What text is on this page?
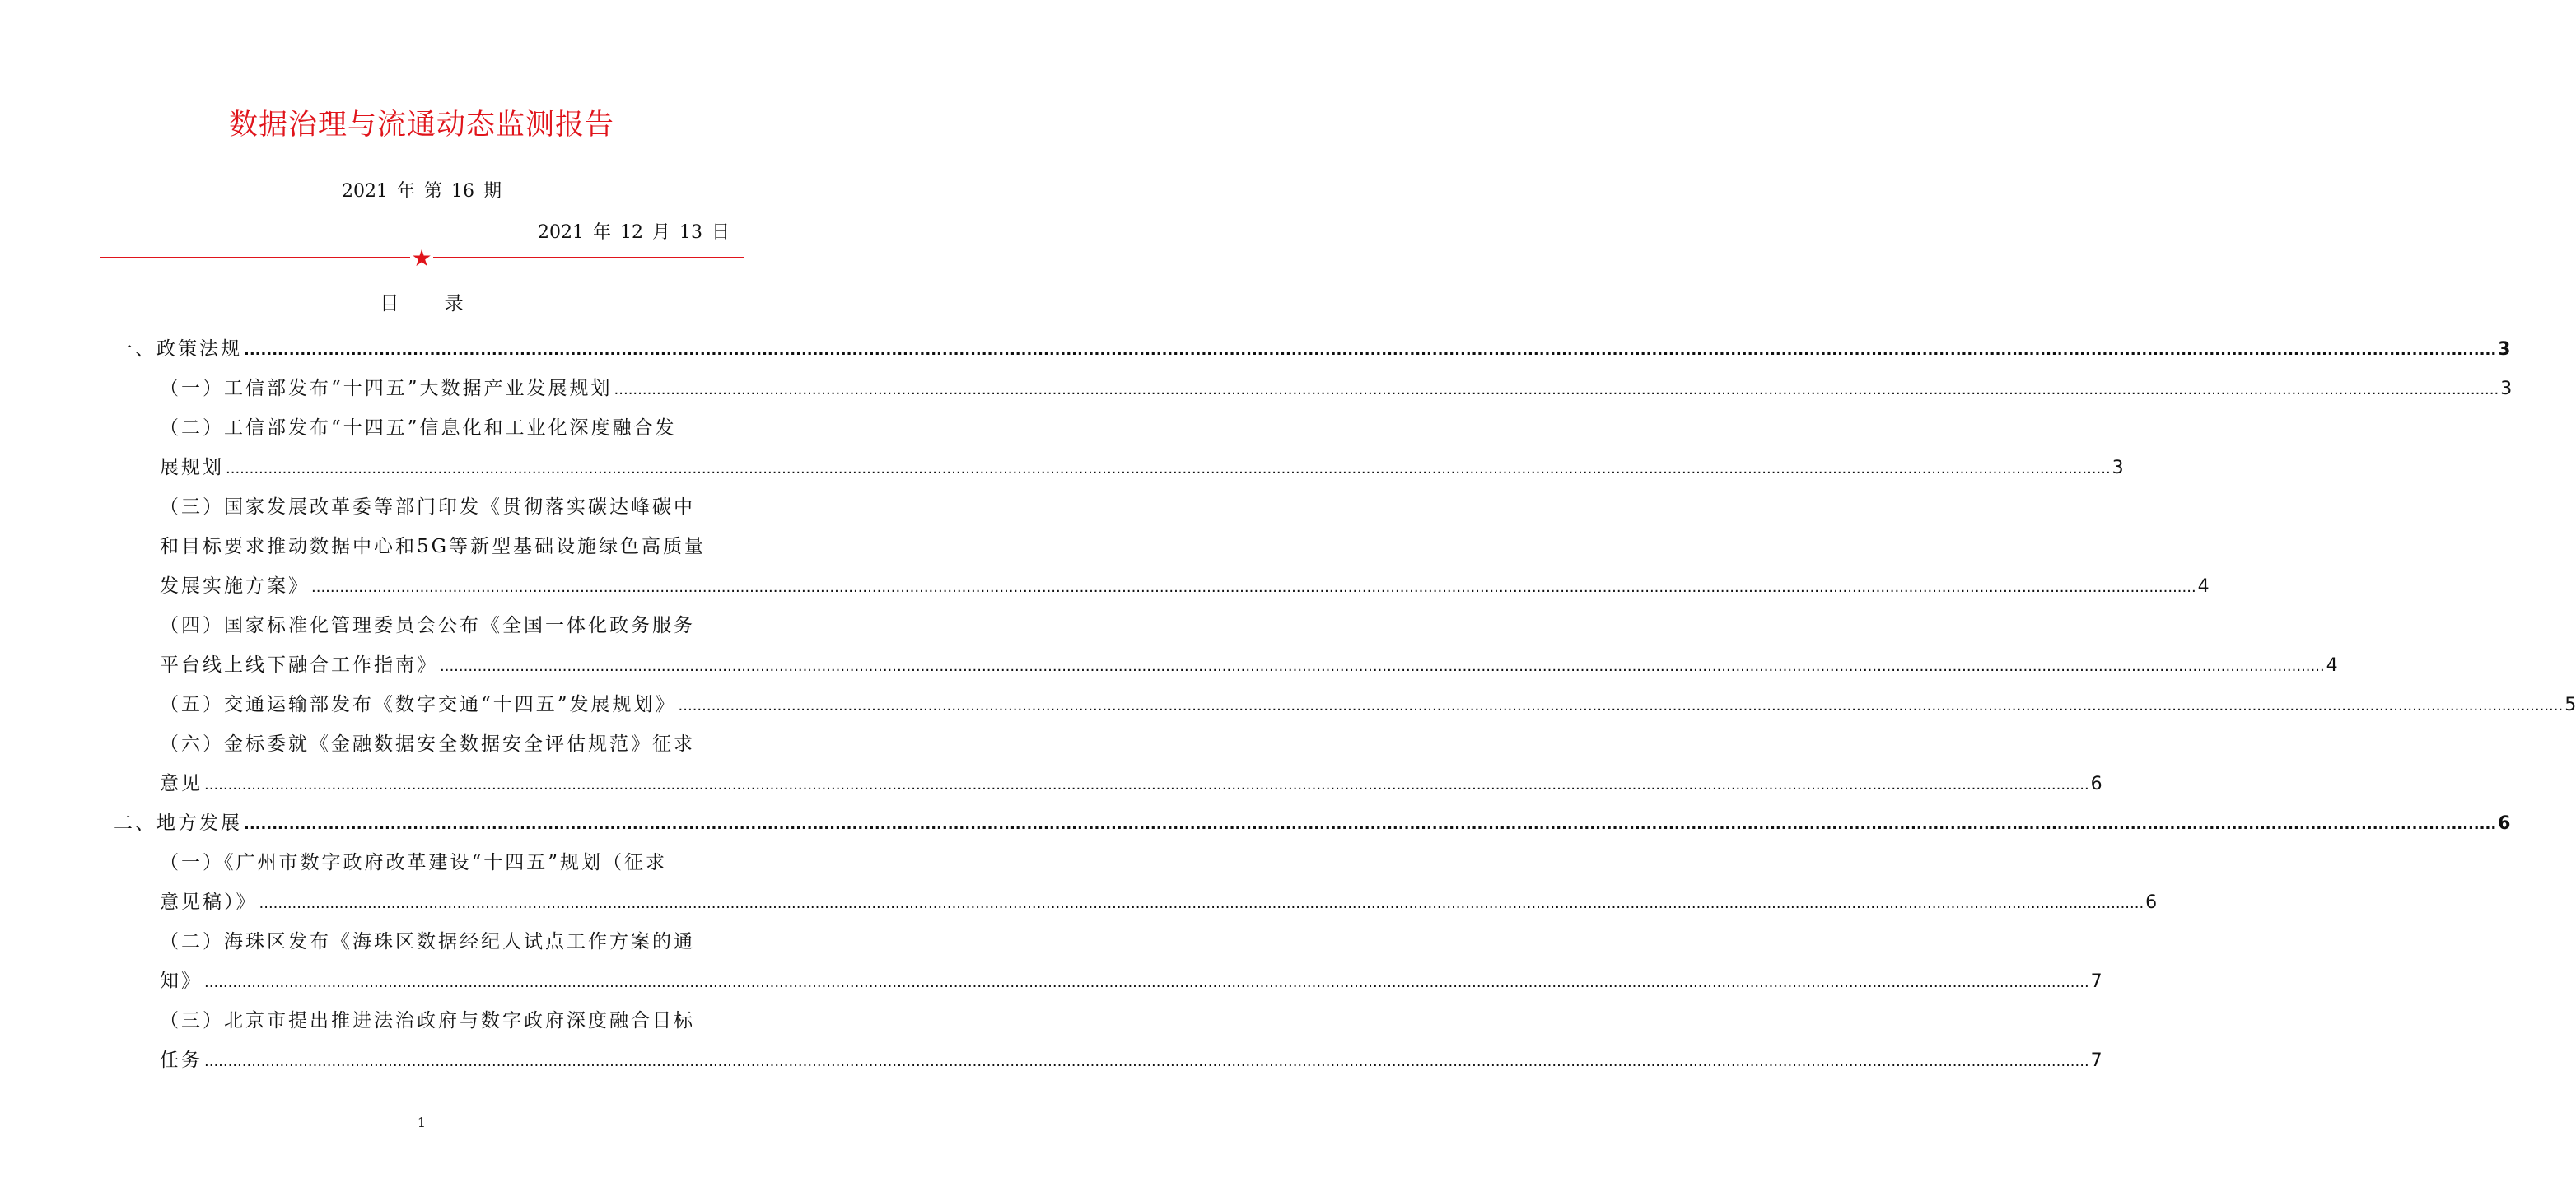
数据治理与流通动态监测报告
2021 年 第 16 期
2021 年 12 月 13 日
★
目 录
一、 政策法规 ................................................................................................................................................................................................................................................................................................................................................................................................................ 3
（一）工信部发布“十四五”大数据产业发展规划 ................................................................................................................................................................................................................................................................................................................................................................................................................ 3
（二）工信部发布“十四五”信息化和工业化深度融合发
展规划 ................................................................................................................................................................................................................................................................................................................................................................................................................ 3
（三）国家发展改革委等部门印发《贯彻落实碳达峰碳中
和目标要求推动数据中心和5G等新型基础设施绿色高质量
发展实施方案》 ................................................................................................................................................................................................................................................................................................................................................................................................................ 4
（四）国家标准化管理委员会公布《全国一体化政务服务
平台线上线下融合工作指南》 ................................................................................................................................................................................................................................................................................................................................................................................................................ 4
（五）交通运输部发布《数字交通“十四五”发展规划》 ................................................................................................................................................................................................................................................................................................................................................................................................................ 5
（六）金标委就《金融数据安全数据安全评估规范》征求
意见 ................................................................................................................................................................................................................................................................................................................................................................................................................ 6
二、 地方发展 ................................................................................................................................................................................................................................................................................................................................................................................................................ 6
（一）《广州市数字政府改革建设“十四五”规划（征求
意见稿）》 ................................................................................................................................................................................................................................................................................................................................................................................................................ 6
（二）海珠区发布《海珠区数据经纪人试点工作方案的通
知》 ................................................................................................................................................................................................................................................................................................................................................................................................................ 7
（三）北京市提出推进法治政府与数字政府深度融合目标
任务 ................................................................................................................................................................................................................................................................................................................................................................................................................ 7
1
